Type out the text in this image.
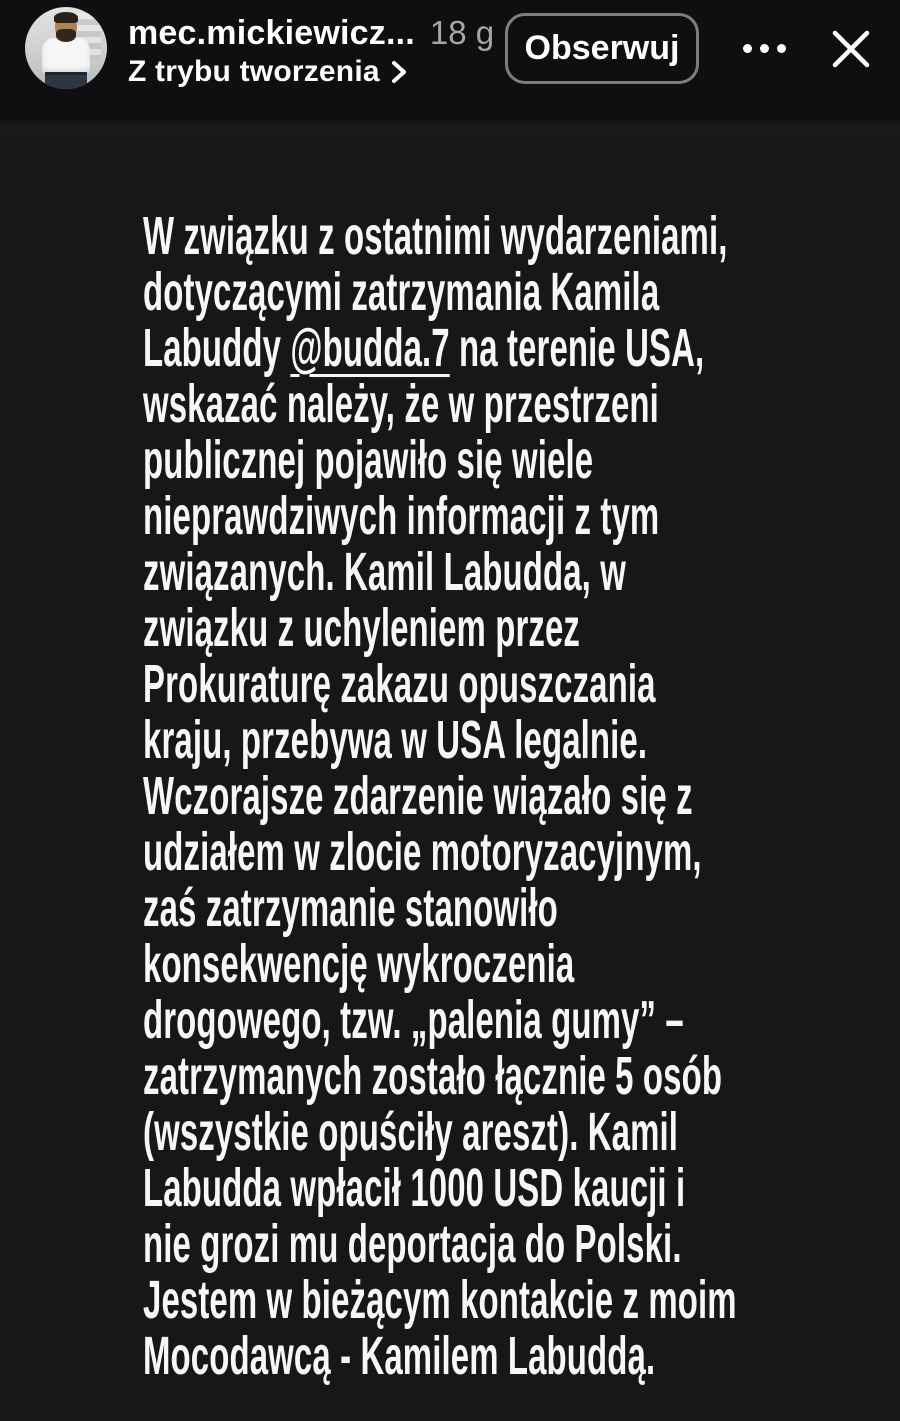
mec.mickiewicz... 18 g
Z trybu tworzenia
Obserwuj
W związku z ostatnimi wydarzeniami,
dotyczącymi zatrzymania Kamila
Labuddy @budda.7 na terenie USA,
wskazać należy, że w przestrzeni
publicznej pojawiło się wiele
nieprawdziwych informacji z tym
związanych. Kamil Labudda, w
związku z uchyleniem przez
Prokuraturę zakazu opuszczania
kraju, przebywa w USA legalnie.
Wczorajsze zdarzenie wiązało się z
udziałem w zlocie motoryzacyjnym,
zaś zatrzymanie stanowiło
konsekwencję wykroczenia
drogowego, tzw. „palenia gumy” –
zatrzymanych zostało łącznie 5 osób
(wszystkie opuściły areszt). Kamil
Labudda wpłacił 1000 USD kaucji i
nie grozi mu deportacja do Polski.
Jestem w bieżącym kontakcie z moim
Mocodawcą - Kamilem Labuddą.
